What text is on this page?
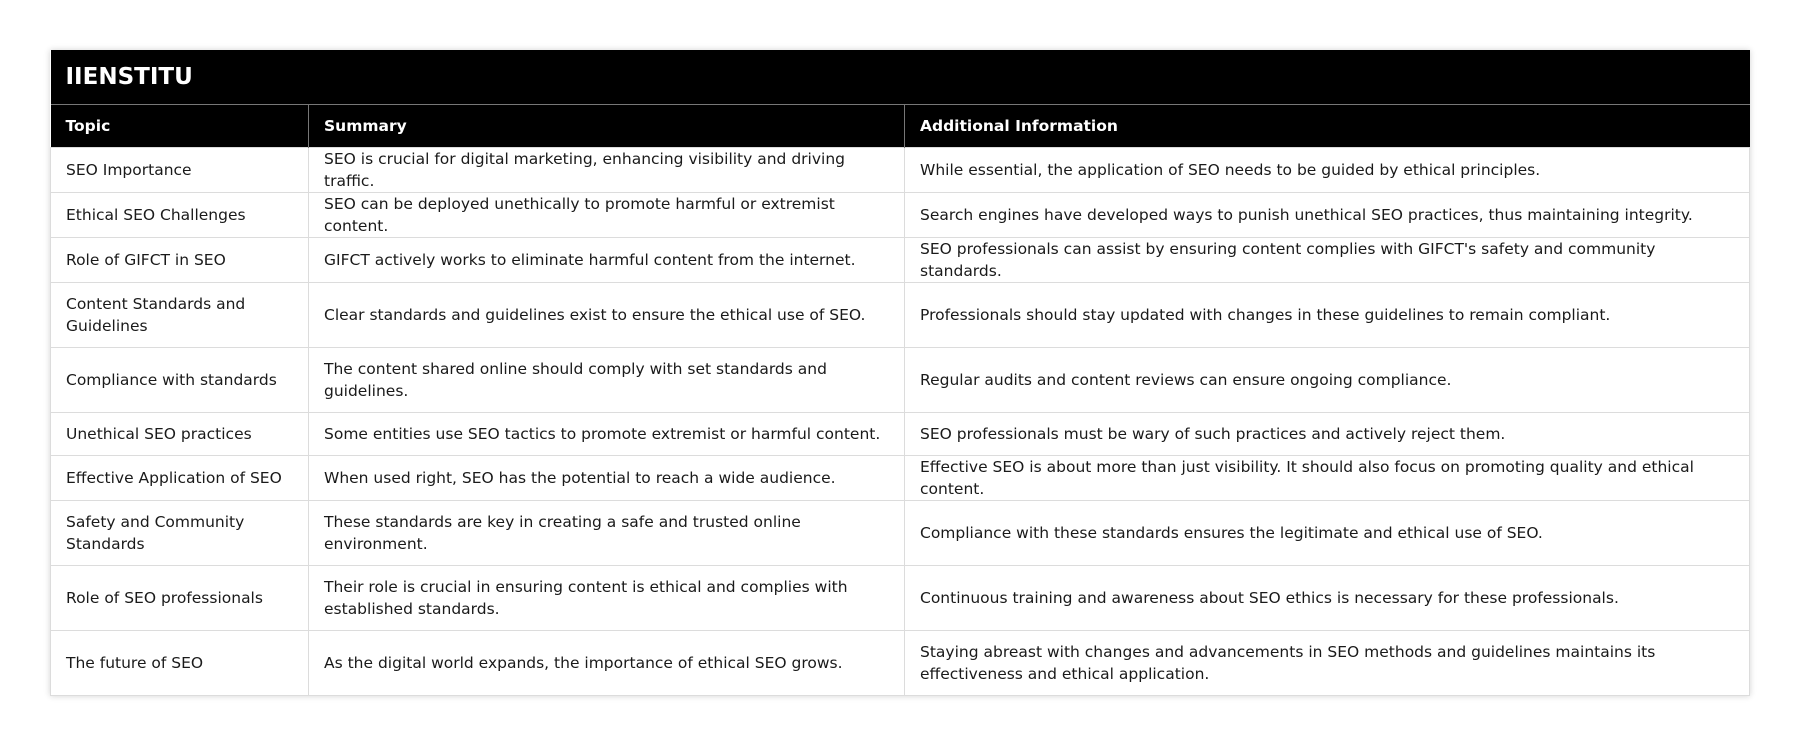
IIENSTITU		
Topic	Summary	Additional Information
SEO Importance	SEO is crucial for digital marketing, enhancing visibility and driving traffic.	While essential, the application of SEO needs to be guided by ethical principles.
Ethical SEO Challenges	SEO can be deployed unethically to promote harmful or extremist content.	Search engines have developed ways to punish unethical SEO practices, thus maintaining integrity.
Role of GIFCT in SEO	GIFCT actively works to eliminate harmful content from the internet.	SEO professionals can assist by ensuring content complies with GIFCT's safety and community standards.
Content Standards and Guidelines	Clear standards and guidelines exist to ensure the ethical use of SEO.	Professionals should stay updated with changes in these guidelines to remain compliant.
Compliance with standards	The content shared online should comply with set standards and guidelines.	Regular audits and content reviews can ensure ongoing compliance.
Unethical SEO practices	Some entities use SEO tactics to promote extremist or harmful content.	SEO professionals must be wary of such practices and actively reject them.
Effective Application of SEO	When used right, SEO has the potential to reach a wide audience.	Effective SEO is about more than just visibility. It should also focus on promoting quality and ethical content.
Safety and Community Standards	These standards are key in creating a safe and trusted online environment.	Compliance with these standards ensures the legitimate and ethical use of SEO.
Role of SEO professionals	Their role is crucial in ensuring content is ethical and complies with established standards.	Continuous training and awareness about SEO ethics is necessary for these professionals.
The future of SEO	As the digital world expands, the importance of ethical SEO grows.	Staying abreast with changes and advancements in SEO methods and guidelines maintains its effectiveness and ethical application.
